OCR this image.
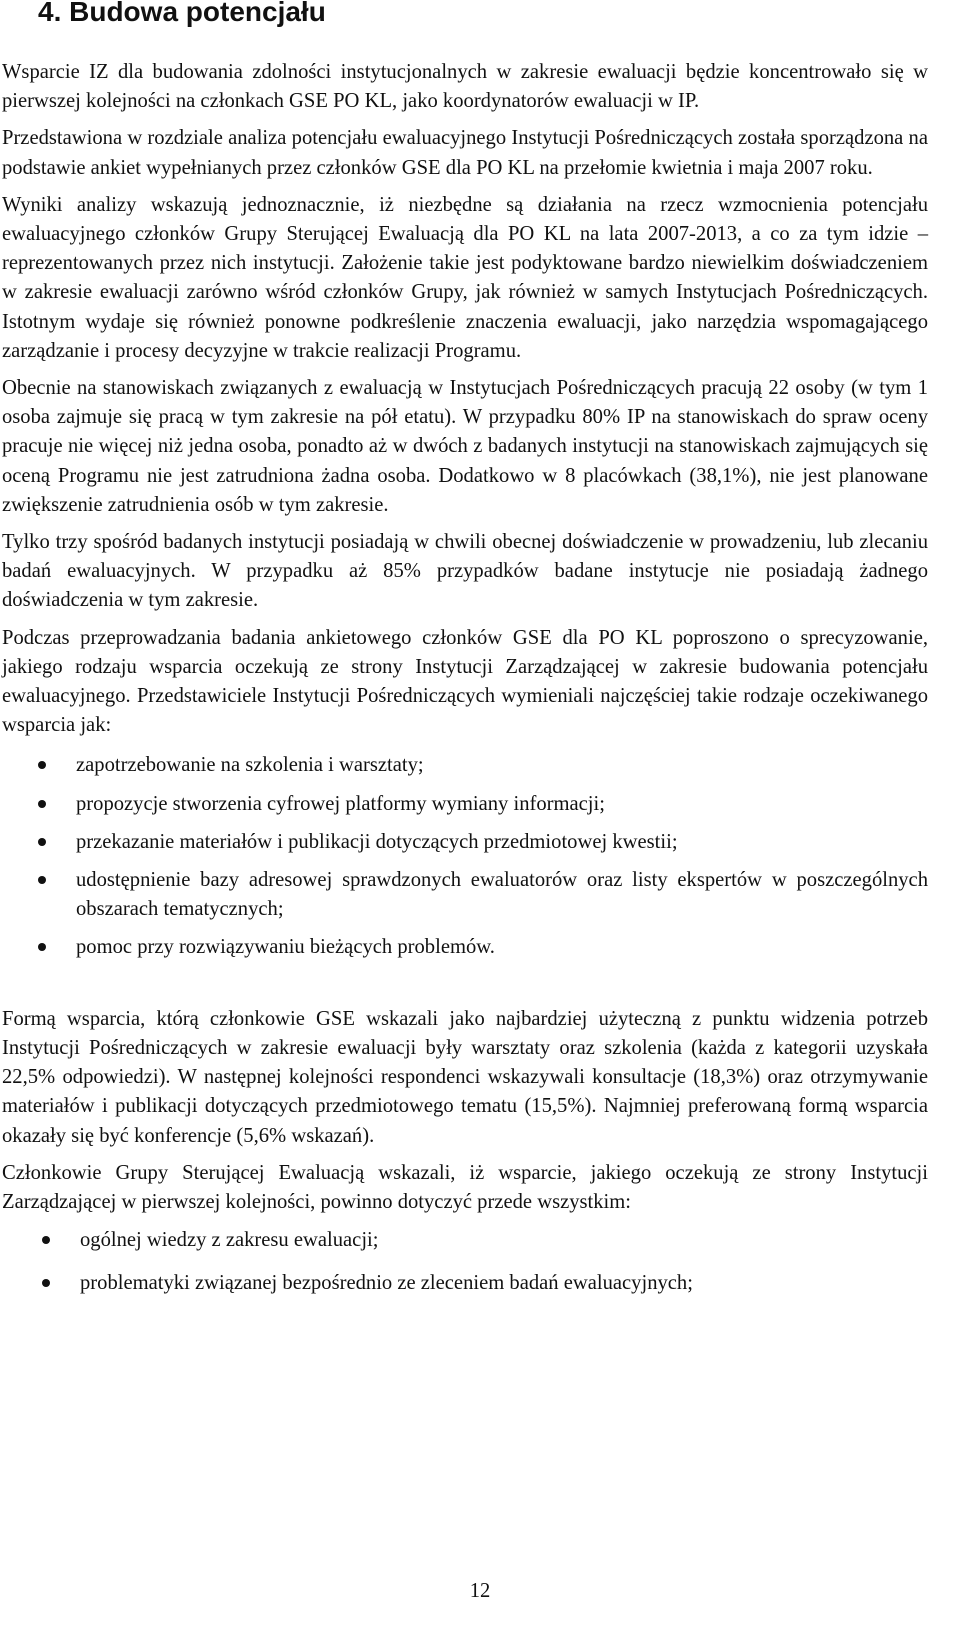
4. Budowa potencjału

Wsparcie IZ dla budowania zdolności instytucjonalnych w zakresie ewaluacji będzie koncentrowało się w pierwszej kolejności na członkach GSE PO KL, jako koordynatorów ewaluacji w IP.

Przedstawiona w rozdziale analiza potencjału ewaluacyjnego Instytucji Pośredniczących została sporządzona na podstawie ankiet wypełnianych przez członków GSE dla PO KL na przełomie kwietnia i maja 2007 roku.

Wyniki analizy wskazują jednoznacznie, iż niezbędne są działania na rzecz wzmocnienia potencjału ewaluacyjnego członków Grupy Sterującej Ewaluacją dla PO KL na lata 2007-2013, a co za tym idzie – reprezentowanych przez nich instytucji. Założenie takie jest podyktowane bardzo niewielkim doświadczeniem w zakresie ewaluacji zarówno wśród członków Grupy, jak również w samych Instytucjach Pośredniczących. Istotnym wydaje się również ponowne podkreślenie znaczenia ewaluacji, jako narzędzia wspomagającego zarządzanie i procesy decyzyjne w trakcie realizacji Programu.

Obecnie na stanowiskach związanych z ewaluacją w Instytucjach Pośredniczących pracują 22 osoby (w tym 1 osoba zajmuje się pracą w tym zakresie na pół etatu). W przypadku 80% IP na stanowiskach do spraw oceny pracuje nie więcej niż jedna osoba, ponadto aż w dwóch z badanych instytucji na stanowiskach zajmujących się oceną Programu nie jest zatrudniona żadna osoba. Dodatkowo w 8 placówkach (38,1%), nie jest planowane zwiększenie zatrudnienia osób w tym zakresie.

Tylko trzy spośród badanych instytucji posiadają w chwili obecnej doświadczenie w prowadzeniu, lub zlecaniu badań ewaluacyjnych. W przypadku aż 85% przypadków badane instytucje nie posiadają żadnego doświadczenia w tym zakresie.

Podczas przeprowadzania badania ankietowego członków GSE dla PO KL poproszono o sprecyzowanie, jakiego rodzaju wsparcia oczekują ze strony Instytucji Zarządzającej w zakresie budowania potencjału ewaluacyjnego. Przedstawiciele Instytucji Pośredniczących wymieniali najczęściej takie rodzaje oczekiwanego wsparcia jak:

zapotrzebowanie na szkolenia i warsztaty;
propozycje stworzenia cyfrowej platformy wymiany informacji;
przekazanie materiałów i publikacji dotyczących przedmiotowej kwestii;
udostępnienie bazy adresowej sprawdzonych ewaluatorów oraz listy ekspertów w poszczególnych obszarach tematycznych;
pomoc przy rozwiązywaniu bieżących problemów.

Formą wsparcia, którą członkowie GSE wskazali jako najbardziej użyteczną z punktu widzenia potrzeb Instytucji Pośredniczących w zakresie ewaluacji były warsztaty oraz szkolenia (każda z kategorii uzyskała 22,5% odpowiedzi). W następnej kolejności respondenci wskazywali konsultacje (18,3%) oraz otrzymywanie materiałów i publikacji dotyczących przedmiotowego tematu (15,5%). Najmniej preferowaną formą wsparcia okazały się być konferencje (5,6% wskazań).

Członkowie Grupy Sterującej Ewaluacją wskazali, iż wsparcie, jakiego oczekują ze strony Instytucji Zarządzającej w pierwszej kolejności, powinno dotyczyć przede wszystkim:

ogólnej wiedzy z zakresu ewaluacji;
problematyki związanej bezpośrednio ze zleceniem badań ewaluacyjnych;
12
